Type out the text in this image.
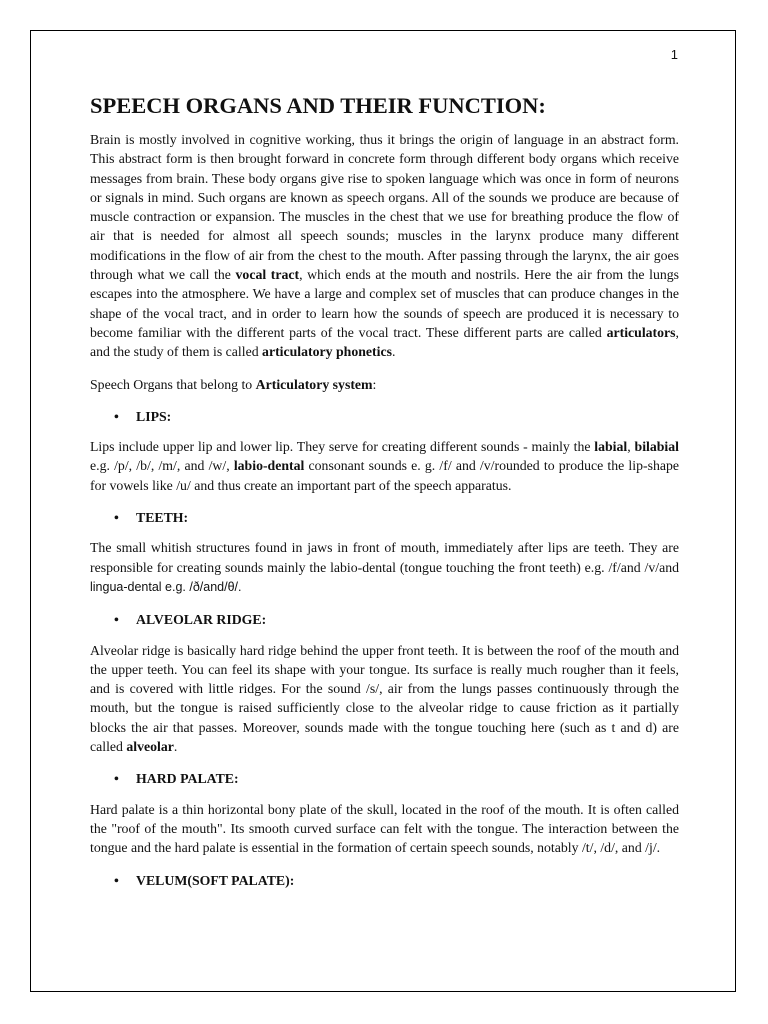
1
SPEECH ORGANS AND THEIR FUNCTION:

Brain is mostly involved in cognitive working, thus it brings the origin of language in an abstract form. This abstract form is then brought forward in concrete form through different body organs which receive messages from brain. These body organs give rise to spoken language which was once in form of neurons or signals in mind. Such organs are known as speech organs. All of the sounds we produce are because of muscle contraction or expansion. The muscles in the chest that we use for breathing produce the flow of air that is needed for almost all speech sounds; muscles in the larynx produce many different modifications in the flow of air from the chest to the mouth. After passing through the larynx, the air goes through what we call the vocal tract, which ends at the mouth and nostrils. Here the air from the lungs escapes into the atmosphere. We have a large and complex set of muscles that can produce changes in the shape of the vocal tract, and in order to learn how the sounds of speech are produced it is necessary to become familiar with the different parts of the vocal tract. These different parts are called articulators, and the study of them is called articulatory phonetics.

Speech Organs that belong to Articulatory system:

• LIPS:

Lips include upper lip and lower lip. They serve for creating different sounds - mainly the labial, bilabial e.g. /p/, /b/, /m/, and /w/, labio-dental consonant sounds e. g. /f/ and /v/rounded to produce the lip-shape for vowels like /u/ and thus create an important part of the speech apparatus.

• TEETH:

The small whitish structures found in jaws in front of mouth, immediately after lips are teeth. They are responsible for creating sounds mainly the labio-dental (tongue touching the front teeth) e.g. /f/and /v/and lingua-dental e.g. /ð/and/θ/.

• ALVEOLAR RIDGE:

Alveolar ridge is basically hard ridge behind the upper front teeth. It is between the roof of the mouth and the upper teeth. You can feel its shape with your tongue. Its surface is really much rougher than it feels, and is covered with little ridges. For the sound /s/, air from the lungs passes continuously through the mouth, but the tongue is raised sufficiently close to the alveolar ridge to cause friction as it partially blocks the air that passes. Moreover, sounds made with the tongue touching here (such as t and d) are called alveolar.

• HARD PALATE:

Hard palate is a thin horizontal bony plate of the skull, located in the roof of the mouth. It is often called the "roof of the mouth". Its smooth curved surface can felt with the tongue. The interaction between the tongue and the hard palate is essential in the formation of certain speech sounds, notably /t/, /d/, and /j/.

• VELUM(SOFT PALATE):
